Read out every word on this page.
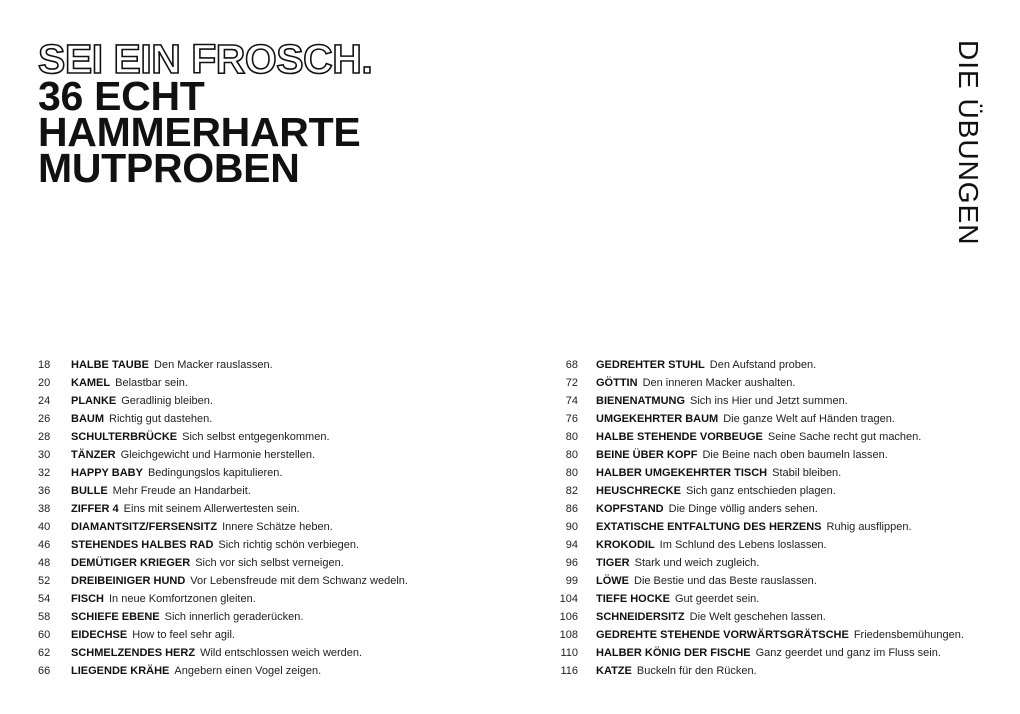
SEI EIN FROSCH.
36 ECHT
HAMMERHARTE
MUTPROBEN	DIE ÜBUNGEN
18 HALBE TAUBE Den Macker rauslassen.
20 KAMEL Belastbar sein.
24 PLANKE Geradlinig bleiben.
26 BAUM Richtig gut dastehen.
28 SCHULTERBRÜCKE Sich selbst entgegenkommen.
30 TÄNZER Gleichgewicht und Harmonie herstellen.
32 HAPPY BABY Bedingungslos kapitulieren.
36 BULLE Mehr Freude an Handarbeit.
38 ZIFFER 4 Eins mit seinem Allerwertesten sein.
40 DIAMANTSITZ/FERSENSITZ Innere Schätze heben.
46 STEHENDES HALBES RAD Sich richtig schön verbiegen.
48 DEMÜTIGER KRIEGER Sich vor sich selbst verneigen.
52 DREIBEINIGER HUND Vor Lebensfreude mit dem Schwanz wedeln.
54 FISCH In neue Komfortzonen gleiten.
58 SCHIEFE EBENE Sich innerlich geraderücken.
60 EIDECHSE How to feel sehr agil.
62 SCHMELZENDES HERZ Wild entschlossen weich werden.
66 LIEGENDE KRÄHE Angebern einen Vogel zeigen.
68 GEDREHTER STUHL Den Aufstand proben.
72 GÖTTIN Den inneren Macker aushalten.
74 BIENENATMUNG Sich ins Hier und Jetzt summen.
76 UMGEKEHRTER BAUM Die ganze Welt auf Händen tragen.
80 HALBE STEHENDE VORBEUGE Seine Sache recht gut machen.
80 BEINE ÜBER KOPF Die Beine nach oben baumeln lassen.
80 HALBER UMGEKEHRTER TISCH Stabil bleiben.
82 HEUSCHRECKE Sich ganz entschieden plagen.
86 KOPFSTAND Die Dinge völlig anders sehen.
90 EXTATISCHE ENTFALTUNG DES HERZENS Ruhig ausflippen.
94 KROKODIL Im Schlund des Lebens loslassen.
96 TIGER Stark und weich zugleich.
99 LÖWE Die Bestie und das Beste rauslassen.
104 TIEFE HOCKE Gut geerdet sein.
106 SCHNEIDERSITZ Die Welt geschehen lassen.
108 GEDREHTE STEHENDE VORWÄRTSGRÄTSCHE Friedensbemühungen.
110 HALBER KÖNIG DER FISCHE Ganz geerdet und ganz im Fluss sein.
116 KATZE Buckeln für den Rücken.
